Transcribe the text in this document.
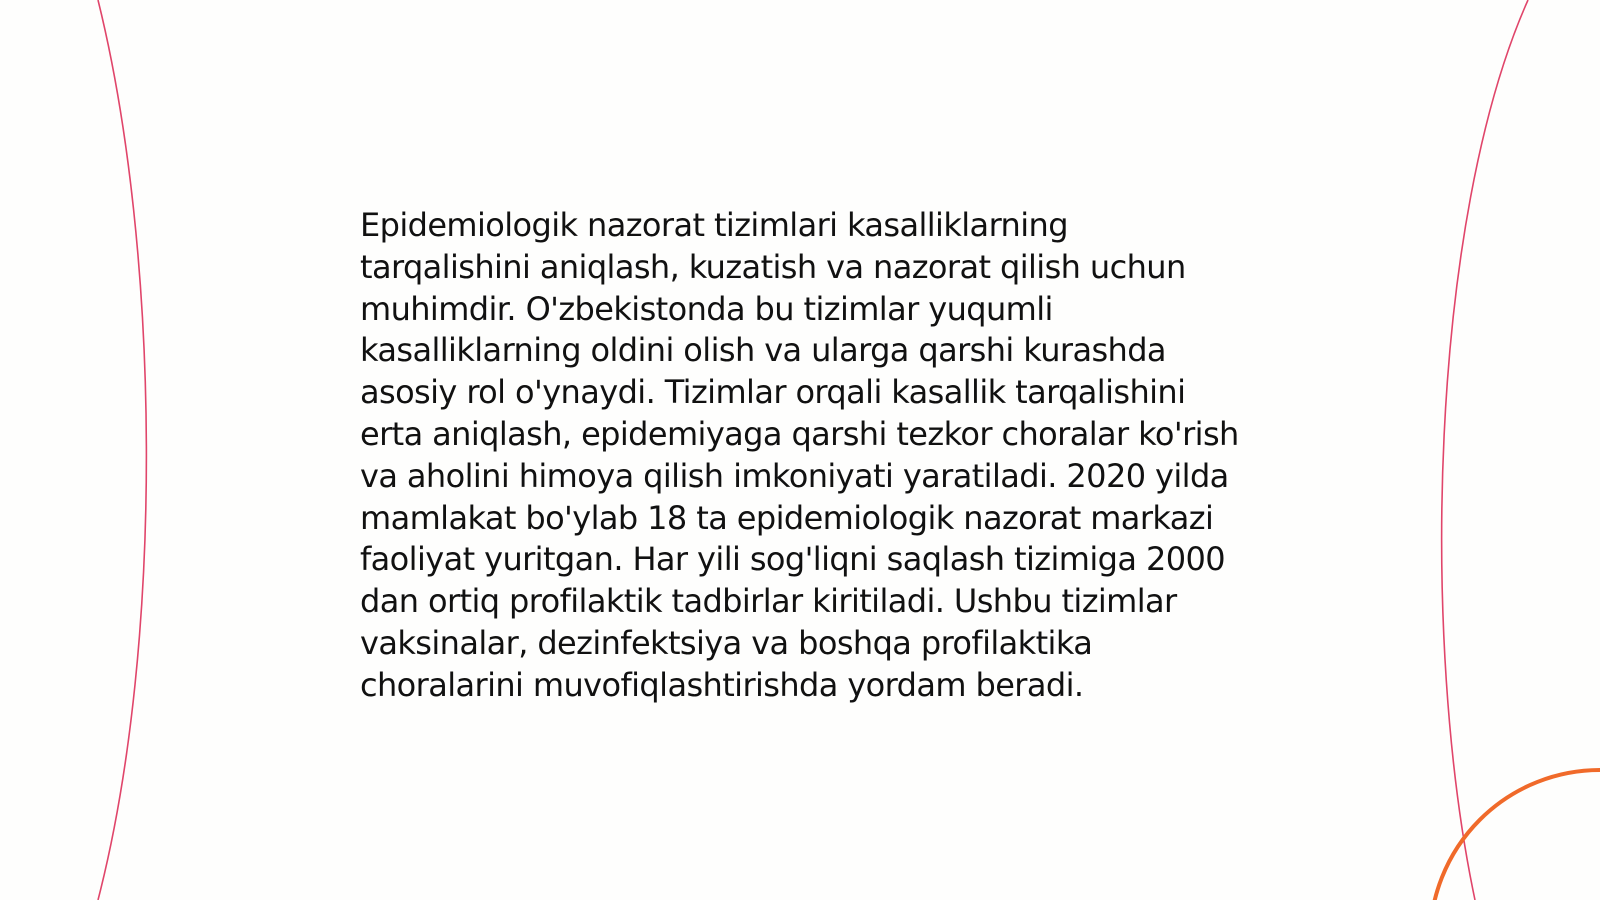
Epidemiologik nazorat tizimlari kasalliklarning tarqalishini aniqlash, kuzatish va nazorat qilish uchun muhimdir. O'zbekistonda bu tizimlar yuqumli kasalliklarning oldini olish va ularga qarshi kurashda asosiy rol o'ynaydi. Tizimlar orqali kasallik tarqalishini erta aniqlash, epidemiyaga qarshi tezkor choralar ko'rish va aholini himoya qilish imkoniyati yaratiladi. 2020 yilda mamlakat bo'ylab 18 ta epidemiologik nazorat markazi faoliyat yuritgan. Har yili sog'liqni saqlash tizimiga 2000 dan ortiq profilaktik tadbirlar kiritiladi. Ushbu tizimlar vaksinalar, dezinfektsiya va boshqa profilaktika choralarini muvofiqlashtirishda yordam beradi.
